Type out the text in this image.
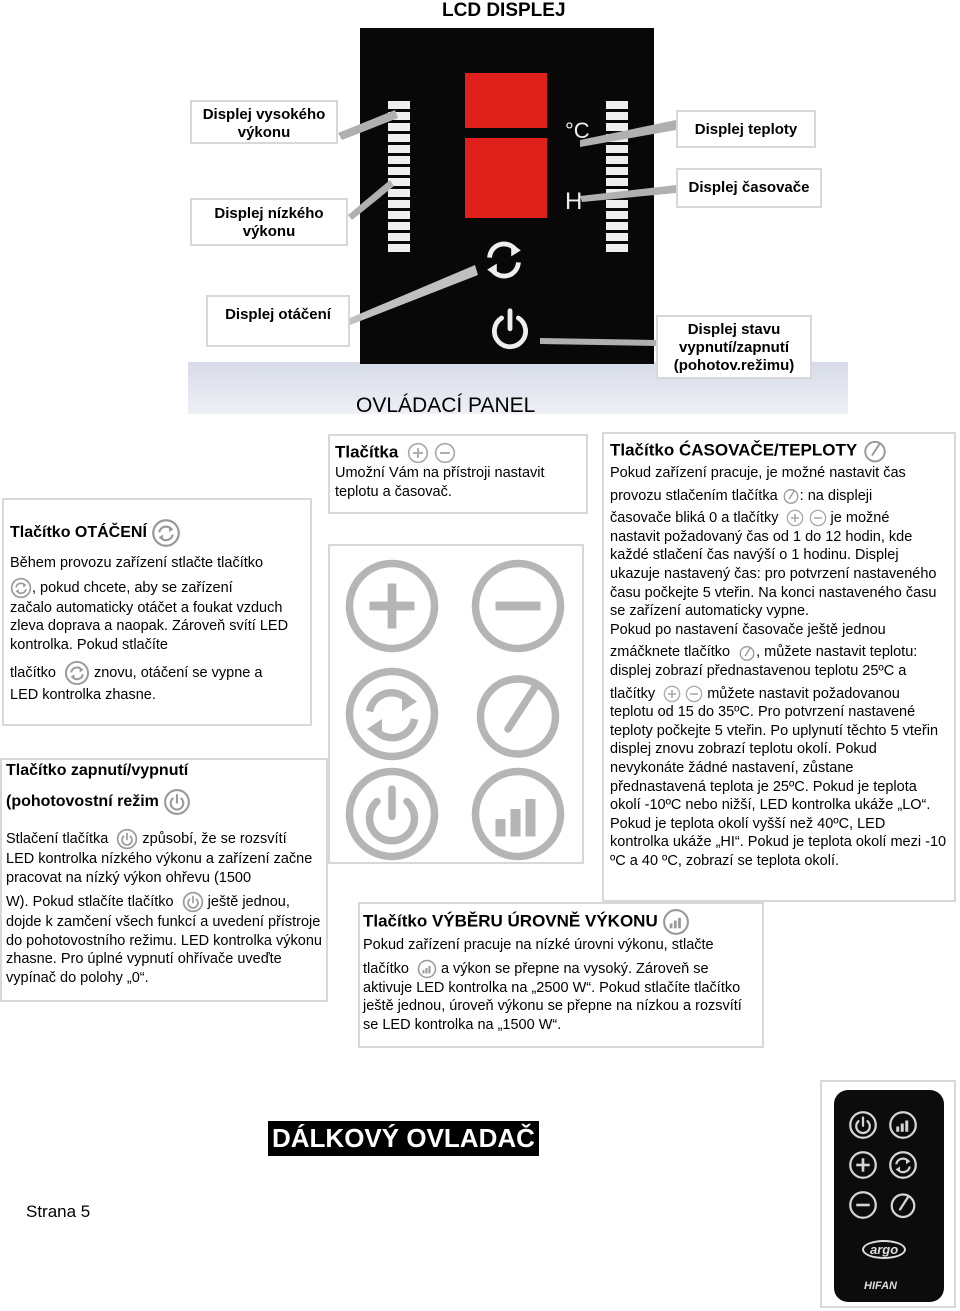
LCD DISPLEJ
°C
H
Displej vysokého výkonu
Displej nízkého výkonu
Displej teploty
Displej časovače
Displej otáčení
Displej stavu vypnutí/zapnutí (pohotov.režimu)
OVLÁDACÍ PANEL
Tlačítka
Umožní Vám na přístroji nastavit teplotu a časovač.
Tlačítko ĆASOVAČE/TEPLOTY
Pokud zařízení pracuje, je možné nastavit čas
provozu stlačením tlačítka : na displeji
časovače bliká 0 a tlačítky	je možné
nastavit požadovaný čas od 1 do 12 hodin, kde každé stlačení čas navýší o 1 hodinu. Displej ukazuje nastavený čas: pro potvrzení nastaveného času počkejte 5 vteřin. Na konci nastaveného času se zařízení automaticky vypne.
Pokud po nastavení časovače ještě jednou
zmáčknete tlačítko , můžete nastavit teplotu:
displej zobrazí přednastavenou teplotu 25ºC a
tlačítky	můžete nastavit požadovanou
teplotu od 15 do 35ºC. Pro potvrzení nastavené teploty počkejte 5 vteřin. Po uplynutí těchto 5 vteřin displej znovu zobrazí teplotu okolí. Pokud nevykonáte žádné nastavení, zůstane přednastavená teplota je 25ºC. Pokud je teplota okolí -10ºC nebo nižší, LED kontrolka ukáže „LO“. Pokud je teplota okolí vyšší než 40ºC, LED kontrolka ukáže „HI“. Pokud je teplota okolí mezi -10 ºC a 40 ºC, zobrazí se teplota okolí.
Tlačítko OTÁČENÍ
Během provozu zařízení stlačte tlačítko
, pokud chcete, aby se zařízení
začalo automaticky otáčet a foukat vzduch zleva doprava a naopak. Zároveň svítí LED kontrolka. Pokud stlačíte
tlačítko	znovu, otáčení se vypne a
LED kontrolka zhasne.
Tlačítko zapnutí/vypnutí
(pohotovostní režim
Stlačení tlačítka způsobí, že se rozsvítí
LED kontrolka nízkého výkonu a zařízení začne pracovat na nízký výkon ohřevu (1500
W). Pokud stlačíte tlačítko ještě jednou,
dojde k zamčení všech funkcí a uvedení přístroje do pohotovostního režimu. LED kontrolka výkonu zhasne. Pro úplné vypnutí ohřívače uveďte vypínač do polohy „0“.
Tlačítko VÝBĚRU ÚROVNĚ VÝKONU
Pokud zařízení pracuje na nízké úrovni výkonu, stlačte
tlačítko a výkon se přepne na vysoký. Zároveň se
aktivuje LED kontrolka na „2500 W“. Pokud stlačíte tlačítko ještě jednou, úroveň výkonu se přepne na nízkou a rozsvítí se LED kontrolka na „1500 W“.
DÁLKOVÝ OVLADAČ
Strana 5
argo
HIFAN
